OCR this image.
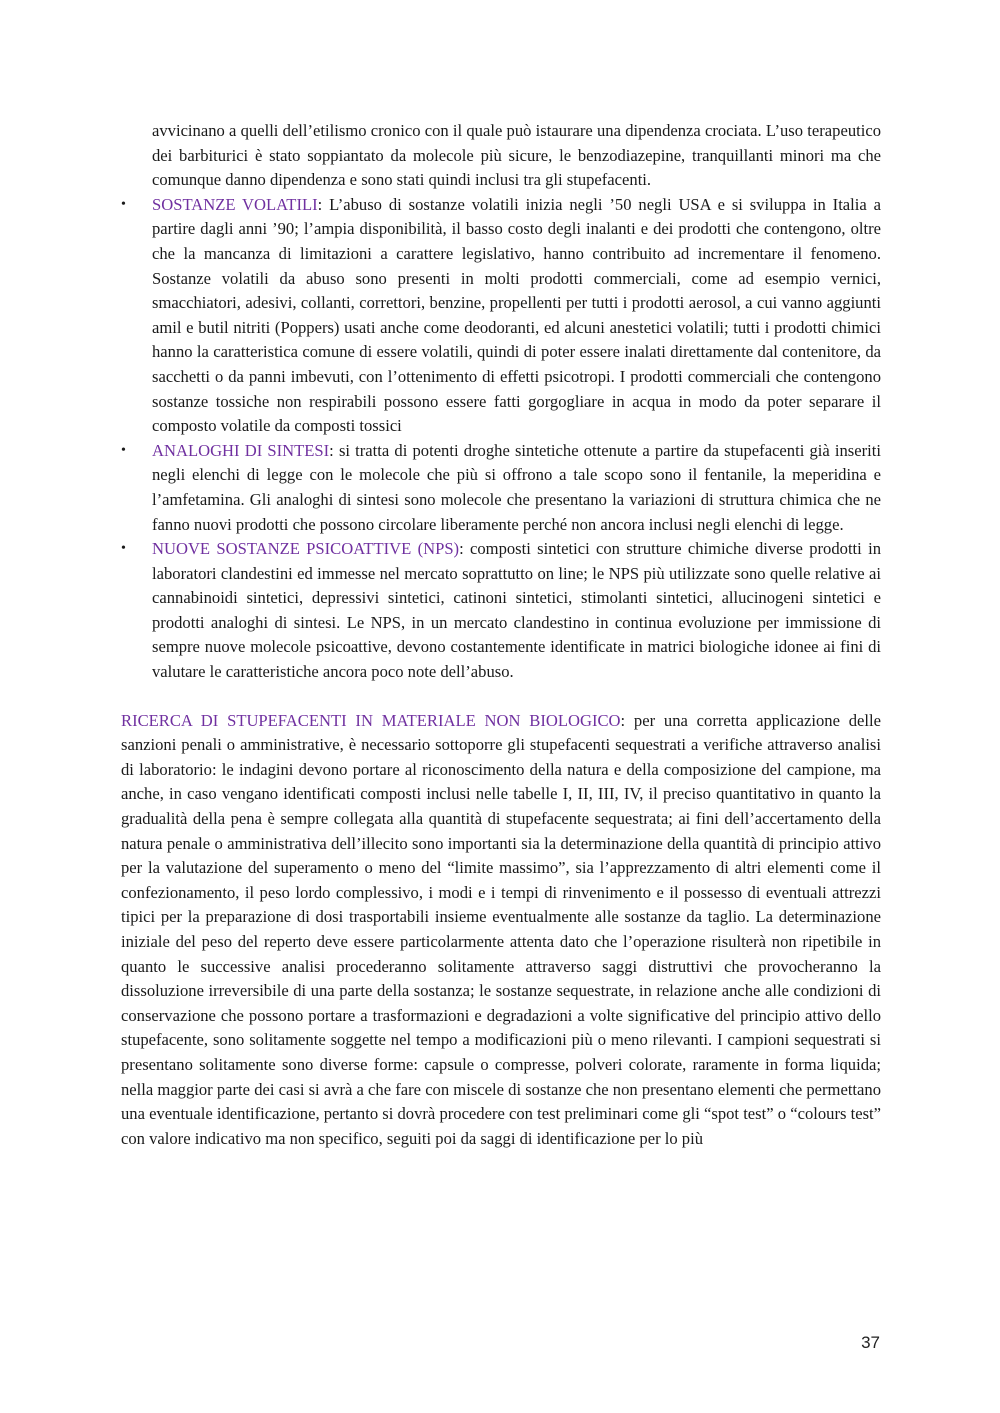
avvicinano a quelli dell’etilismo cronico con il quale può istaurare una dipendenza crociata. L’uso terapeutico dei barbiturici è stato soppiantato da molecole più sicure, le benzodiazepine, tranquillanti minori ma che comunque danno dipendenza e sono stati quindi inclusi tra gli stupefacenti.

•	SOSTANZE VOLATILI: L’abuso di sostanze volatili inizia negli ’50 negli USA e si sviluppa in Italia a partire dagli anni ’90; l’ampia disponibilità, il basso costo degli inalanti e dei prodotti che contengono, oltre che la mancanza di limitazioni a carattere legislativo, hanno contribuito ad incrementare il fenomeno. Sostanze volatili da abuso sono presenti in molti prodotti commerciali, come ad esempio vernici, smacchiatori, adesivi, collanti, correttori, benzine, propellenti per tutti i prodotti aerosol, a cui vanno aggiunti amil e butil nitriti (Poppers) usati anche come deodoranti, ed alcuni anestetici volatili; tutti i prodotti chimici hanno la caratteristica comune di essere volatili, quindi di poter essere inalati direttamente dal contenitore, da sacchetti o da panni imbevuti, con l’ottenimento di effetti psicotropi. I prodotti commerciali che contengono sostanze tossiche non respirabili possono essere fatti gorgogliare in acqua in modo da poter separare il composto volatile da composti tossici
•	ANALOGHI DI SINTESI: si tratta di potenti droghe sintetiche ottenute a partire da stupefacenti già inseriti negli elenchi di legge con le molecole che più si offrono a tale scopo sono il fentanile, la meperidina e l’amfetamina. Gli analoghi di sintesi sono molecole che presentano la variazioni di struttura chimica che ne fanno nuovi prodotti che possono circolare liberamente perché non ancora inclusi negli elenchi di legge.
•	NUOVE SOSTANZE PSICOATTIVE (NPS): composti sintetici con strutture chimiche diverse prodotti in laboratori clandestini ed immesse nel mercato soprattutto on line; le NPS più utilizzate sono quelle relative ai cannabinoidi sintetici, depressivi sintetici, catinoni sintetici, stimolanti sintetici, allucinogeni sintetici e prodotti analoghi di sintesi. Le NPS, in un mercato clandestino in continua evoluzione per immissione di sempre nuove molecole psicoattive, devono costantemente identificate in matrici biologiche idonee ai fini di valutare le caratteristiche ancora poco note dell’abuso.

RICERCA DI STUPEFACENTI IN MATERIALE NON BIOLOGICO: per una corretta applicazione delle sanzioni penali o amministrative, è necessario sottoporre gli stupefacenti sequestrati a verifiche attraverso analisi di laboratorio: le indagini devono portare al riconoscimento della natura e della composizione del campione, ma anche, in caso vengano identificati composti inclusi nelle tabelle I, II, III, IV, il preciso quantitativo in quanto la gradualità della pena è sempre collegata alla quantità di stupefacente sequestrata; ai fini dell’accertamento della natura penale o amministrativa dell’illecito sono importanti sia la determinazione della quantità di principio attivo per la valutazione del superamento o meno del “limite massimo”, sia l’apprezzamento di altri elementi come il confezionamento, il peso lordo complessivo, i modi e i tempi di rinvenimento e il possesso di eventuali attrezzi tipici per la preparazione di dosi trasportabili insieme eventualmente alle sostanze da taglio. La determinazione iniziale del peso del reperto deve essere particolarmente attenta dato che l’operazione risulterà non ripetibile in quanto le successive analisi procederanno solitamente attraverso saggi distruttivi che provocheranno la dissoluzione irreversibile di una parte della sostanza; le sostanze sequestrate, in relazione anche alle condizioni di conservazione che possono portare a trasformazioni e degradazioni a volte significative del principio attivo dello stupefacente, sono solitamente soggette nel tempo a modificazioni più o meno rilevanti. I campioni sequestrati si presentano solitamente sono diverse forme: capsule o compresse, polveri colorate, raramente in forma liquida; nella maggior parte dei casi si avrà a che fare con miscele di sostanze che non presentano elementi che permettano una eventuale identificazione, pertanto si dovrà procedere con test preliminari come gli “spot test” o “colours test” con valore indicativo ma non specifico, seguiti poi da saggi di identificazione per lo più

37
